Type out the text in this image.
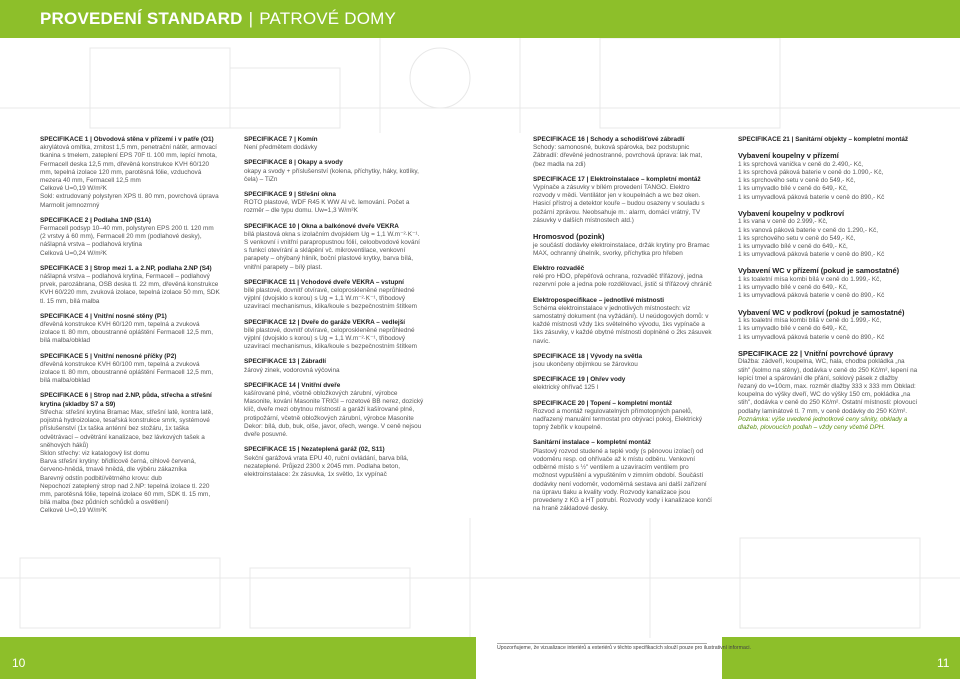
PROVEDENÍ STANDARD | PATROVÉ DOMY

SPECIFIKACE 1 | Obvodová stěna v přízemí i v patře (O1)
akrylátová omítka, zrnitost 1,5 mm, penetrační nátěr, armovací tkanina s tmelem, zateplení EPS 70F tl. 100 mm, lepící hmota, Fermacell deska 12,5 mm, dřevěná konstrukce KVH 60/120 mm, tepelná izolace 120 mm, parotěsná fólie, vzduchová mezera 40 mm, Fermacell 12,5 mm
Celkové U=0,19 W/m²K
Sokl: extrudovaný polystyren XPS tl. 80 mm, povrchová úprava Marmolit jemnozrnný

SPECIFIKACE 2 | Podlaha 1NP (S1A)
Fermacell podsyp 10–40 mm, polystyren EPS 200 tl. 120 mm (2 vrstvy á 60 mm), Fermacell 20 mm (podlahové desky), nášlapná vrstva – podlahová krytina
Celková U=0,24 W/m²K

SPECIFIKACE 3 | Strop mezi 1. a 2.NP, podlaha 2.NP (S4)
nášlapná vrstva – podlahová krytina, Fermacell – podlahový prvek, parozábrana, OSB deska tl. 22 mm, dřevěná konstrukce KVH 60/220 mm, zvuková izolace, tepelná izolace 50 mm, SDK tl. 15 mm, bílá malba

SPECIFIKACE 4 | Vnitřní nosné stěny (P1)
dřevěná konstrukce KVH 60/120 mm, tepelná a zvuková izolace tl. 80 mm, oboustranné opláštění Fermacell 12,5 mm, bílá malba/obklad

SPECIFIKACE 5 | Vnitřní nenosné příčky (P2)
dřevěná konstrukce KVH 60/100 mm, tepelná a zvuková izolace tl. 80 mm, oboustranné opláštění Fermacell 12,5 mm, bílá malba/obklad

SPECIFIKACE 6 | Strop nad 2.NP, půda, střecha a střešní krytina (skladby S7 a S9)
Střecha: střešní krytina Bramac Max, střešní latě, kontra latě, pojistná hydroizolace, tesařská konstrukce smrk, systémové příslušenství (1x taška anténní bez stožáru, 1x taška odvětrávací – odvětrání kanalizace, bez lávkových tašek a sněhových háků)
Sklon střechy: viz katalogový list domu
Barva střešní krytiny: břidlicově černá, cihlově červená, červeno-hnědá, tmavě hnědá, dle výběru zákazníka
Barevný odstín podbití/větrného krovu: dub
Nepochozí zateplený strop nad 2.NP: tepelná izolace tl. 220 mm, parotěsná fólie, tepelná izolace 60 mm, SDK tl. 15 mm, bílá malba (bez půdních schůdků a osvětlení)
Celkové U=0,19 W/m²K

SPECIFIKACE 7 | Komín
Není předmětem dodávky

SPECIFIKACE 8 | Okapy a svody
okapy a svody + příslušenství (kolena, příchytky, háky, kotlíky, čela) – TiZn

SPECIFIKACE 9 | Střešní okna
ROTO plastové, WDF R45 K WW Al vč. lemování. Počet a rozměr – dle typu domu. Uw=1,3 W/m²K

SPECIFIKACE 10 | Okna a balkónové dveře VEKRA
bílá plastová okna s izolačním dvojsklem Ug = 1,1 W.m⁻²·K⁻¹. S venkovní i vnitřní parapropustnou fólií, celoobvodové kování s funkcí otevírání a sklápění vč. mikroventilace, venkovní parapety – ohýbaný hliník, boční plastové krytky, barva bílá, vnitřní parapety – bílý plast.

SPECIFIKACE 11 | Vchodové dveře VEKRA – vstupní
bílé plastové, dovnitř otvíravé, celoproskleněné neprůhledné výplní (dvojsklo s korou) s Ug = 1,1 W.m⁻²·K⁻¹, třibodový uzavírací mechanismus, klika/koule s bezpečnostním štítkem

SPECIFIKACE 12 | Dveře do garáže VEKRA – vedlejší
bílé plastové, dovnitř otvíravé, celoproskleněné neprůhledné výplní (dvojsklo s korou) s Ug = 1,1 W.m⁻²·K⁻¹, třibodový uzavírací mechanismus, klika/koule s bezpečnostním štítkem

SPECIFIKACE 13 | Zábradlí
žárový zinek, vodorovná výčovina

SPECIFIKACE 14 | Vnitřní dveře
kašírované plné, včetně obložkových zárubní, výrobce Masonite, kování Masonite TRIGI – rozetové BB nerez, dozický klíč, dveře mezi obytnou místností a garáží kašírované plné, protipožární, včetně obložkových zárubní, výrobce Masonite Dekor: bílá, dub, buk, olše, javor, ořech, wenge. V ceně nejsou dveře posuvné.

SPECIFIKACE 15 | Nezateplená garáž (02, S11)
Sekční garážová vrata EPU 40, ruční ovládání, barva bílá, nezateplené. Průjezd 2300 x 2045 mm. Podlaha beton, elektroinstalace: 2x zásuvka, 1x světlo, 1x vypínač

SPECIFIKACE 16 | Schody a schodišťové zábradlí
Schody: samonosné, buková spárovka, bez podstupnic Zábradlí: dřevěné jednostranné, povrchová úprava: lak mat, (bez madla na zdi)

SPECIFIKACE 17 | Elektroinstalace – kompletní montáž
Vypínače a zásuvky v bílém provedení TANGO. Elektro rozvody v mědi. Ventilátor jen v koupelnách a wc bez oken. Hasicí přístroj a detektor kouře – budou osazeny v souladu s požární zprávou. Neobsahuje m.: alarm, domácí vrátný, TV zásuvky v dalších místnostech atd.)

Hromosvod (pozink)
je součástí dodávky elektroinstalace, držák krytiny pro Bramac MAX, ochranný úhelník, svorky, příchytka pro hřeben

Elektro rozvaděč
relé pro HDO, přepěťová ochrana, rozvaděč třífázový, jedna rezervní pole a jedna pole rozdělovací, jistič si třífázový chránič

Elektropospecifikace – jednotlivé místnosti
Schéma elektroinstalace v jednotlivých místnostech: viz samostatný dokument (na vyžádání). U neúdogových domů: v každé místnosti vždy 1ks světelného vývodu, 1ks vypínače a 1ks zásuvky, v každé obytné místnosti doplněné o 2ks zásuvek navíc.

SPECIFIKACE 18 | Vývody na světla
jsou ukončeny objímkou se žárovkou

SPECIFIKACE 19 | Ohřev vody
elektrický ohřívač 125 l

SPECIFIKACE 20 | Topení – kompletní montáž
Rozvod a montáž regulovatelných přímotopných panelů, nadřazený manuální termostat pro obývací pokoj, Elektrický topný žebřík v koupelně.

Sanitární instalace – kompletní montáž
Plastový rozvod studené a teplé vody (s pěnovou izolací) od vodoměru resp. od ohřívače až k místu odběru. Venkovní odběrné místo s ½" ventilem a uzavíracím ventilem pro možnost vypuštění a vypuštěním v zimním období. Součástí dodávky není vodoměr, vodoměrná sestava ani další zařízení na úpravu tlaku a kvality vody. Rozvody kanalizace jsou provedeny z KG a HT potrubí. Rozvody vody i kanalizace končí na hraně základové desky.

SPECIFIKACE 21 | Sanitární objekty – kompletní montáž

Vybavení koupelny v přízemí
1 ks sprchová vanička v ceně do 2.490,- Kč,
1 ks sprchová páková baterie v ceně do 1.090,- Kč,
1 ks sprchového setu v ceně do 549,- Kč,
1 ks umyvadlo bílé v ceně do 649,- Kč,
1 ks umyvadlová páková baterie v ceně do 890,- Kč

Vybavení koupelny v podkroví
1 ks vana v ceně do 2.999,- Kč,
1 ks vanová páková baterie v ceně do 1.290,- Kč,
1 ks sprchového setu v ceně do 549,- Kč,
1 ks umyvadlo bílé v ceně do 649,- Kč,
1 ks umyvadlová páková baterie v ceně do 890,- Kč

Vybavení WC v přízemí (pokud je samostatné)
1 ks toaletní mísa kombi bílá v ceně do 1.999,- Kč,
1 ks umyvadlo bílé v ceně do 649,- Kč,
1 ks umyvadlová páková baterie v ceně do 890,- Kč

Vybavení WC v podkroví (pokud je samostatné)
1 ks toaletní mísa kombi bílá v ceně do 1.999,- Kč,
1 ks umyvadlo bílé v ceně do 649,- Kč,
1 ks umyvadlová páková baterie v ceně do 890,- Kč

SPECIFIKACE 22 | Vnitřní povrchové úpravy
Dlažba: zádveří, koupelna, WC, hala, chodba pokládka „na stih" (kolmo na stěny), dodávka v ceně do 250 Kč/m², lepení na lepící tmel a spárování dle přání, soklový pásek z dlažby řezaný do v=10cm, max. rozměr dlažby 333 x 333 mm Obklad: koupelna do výšky dveří, WC do výšky 150 cm, pokládka „na stih", dodávka v ceně do 250 Kč/m². Ostatní místnosti: plovoucí podlahy laminátové tl. 7 mm, v ceně dodávky do 250 Kč/m².
Poznámka: výše uvedené jednotkové ceny slinity, obklady a dlažeb, plovoucích podlah – vždy ceny včetně DPH.

10	11
Upozorňujeme, že vizualizace interiérů a exteriérů v těchto specifikacích slouží pouze pro ilustrativní informaci.
